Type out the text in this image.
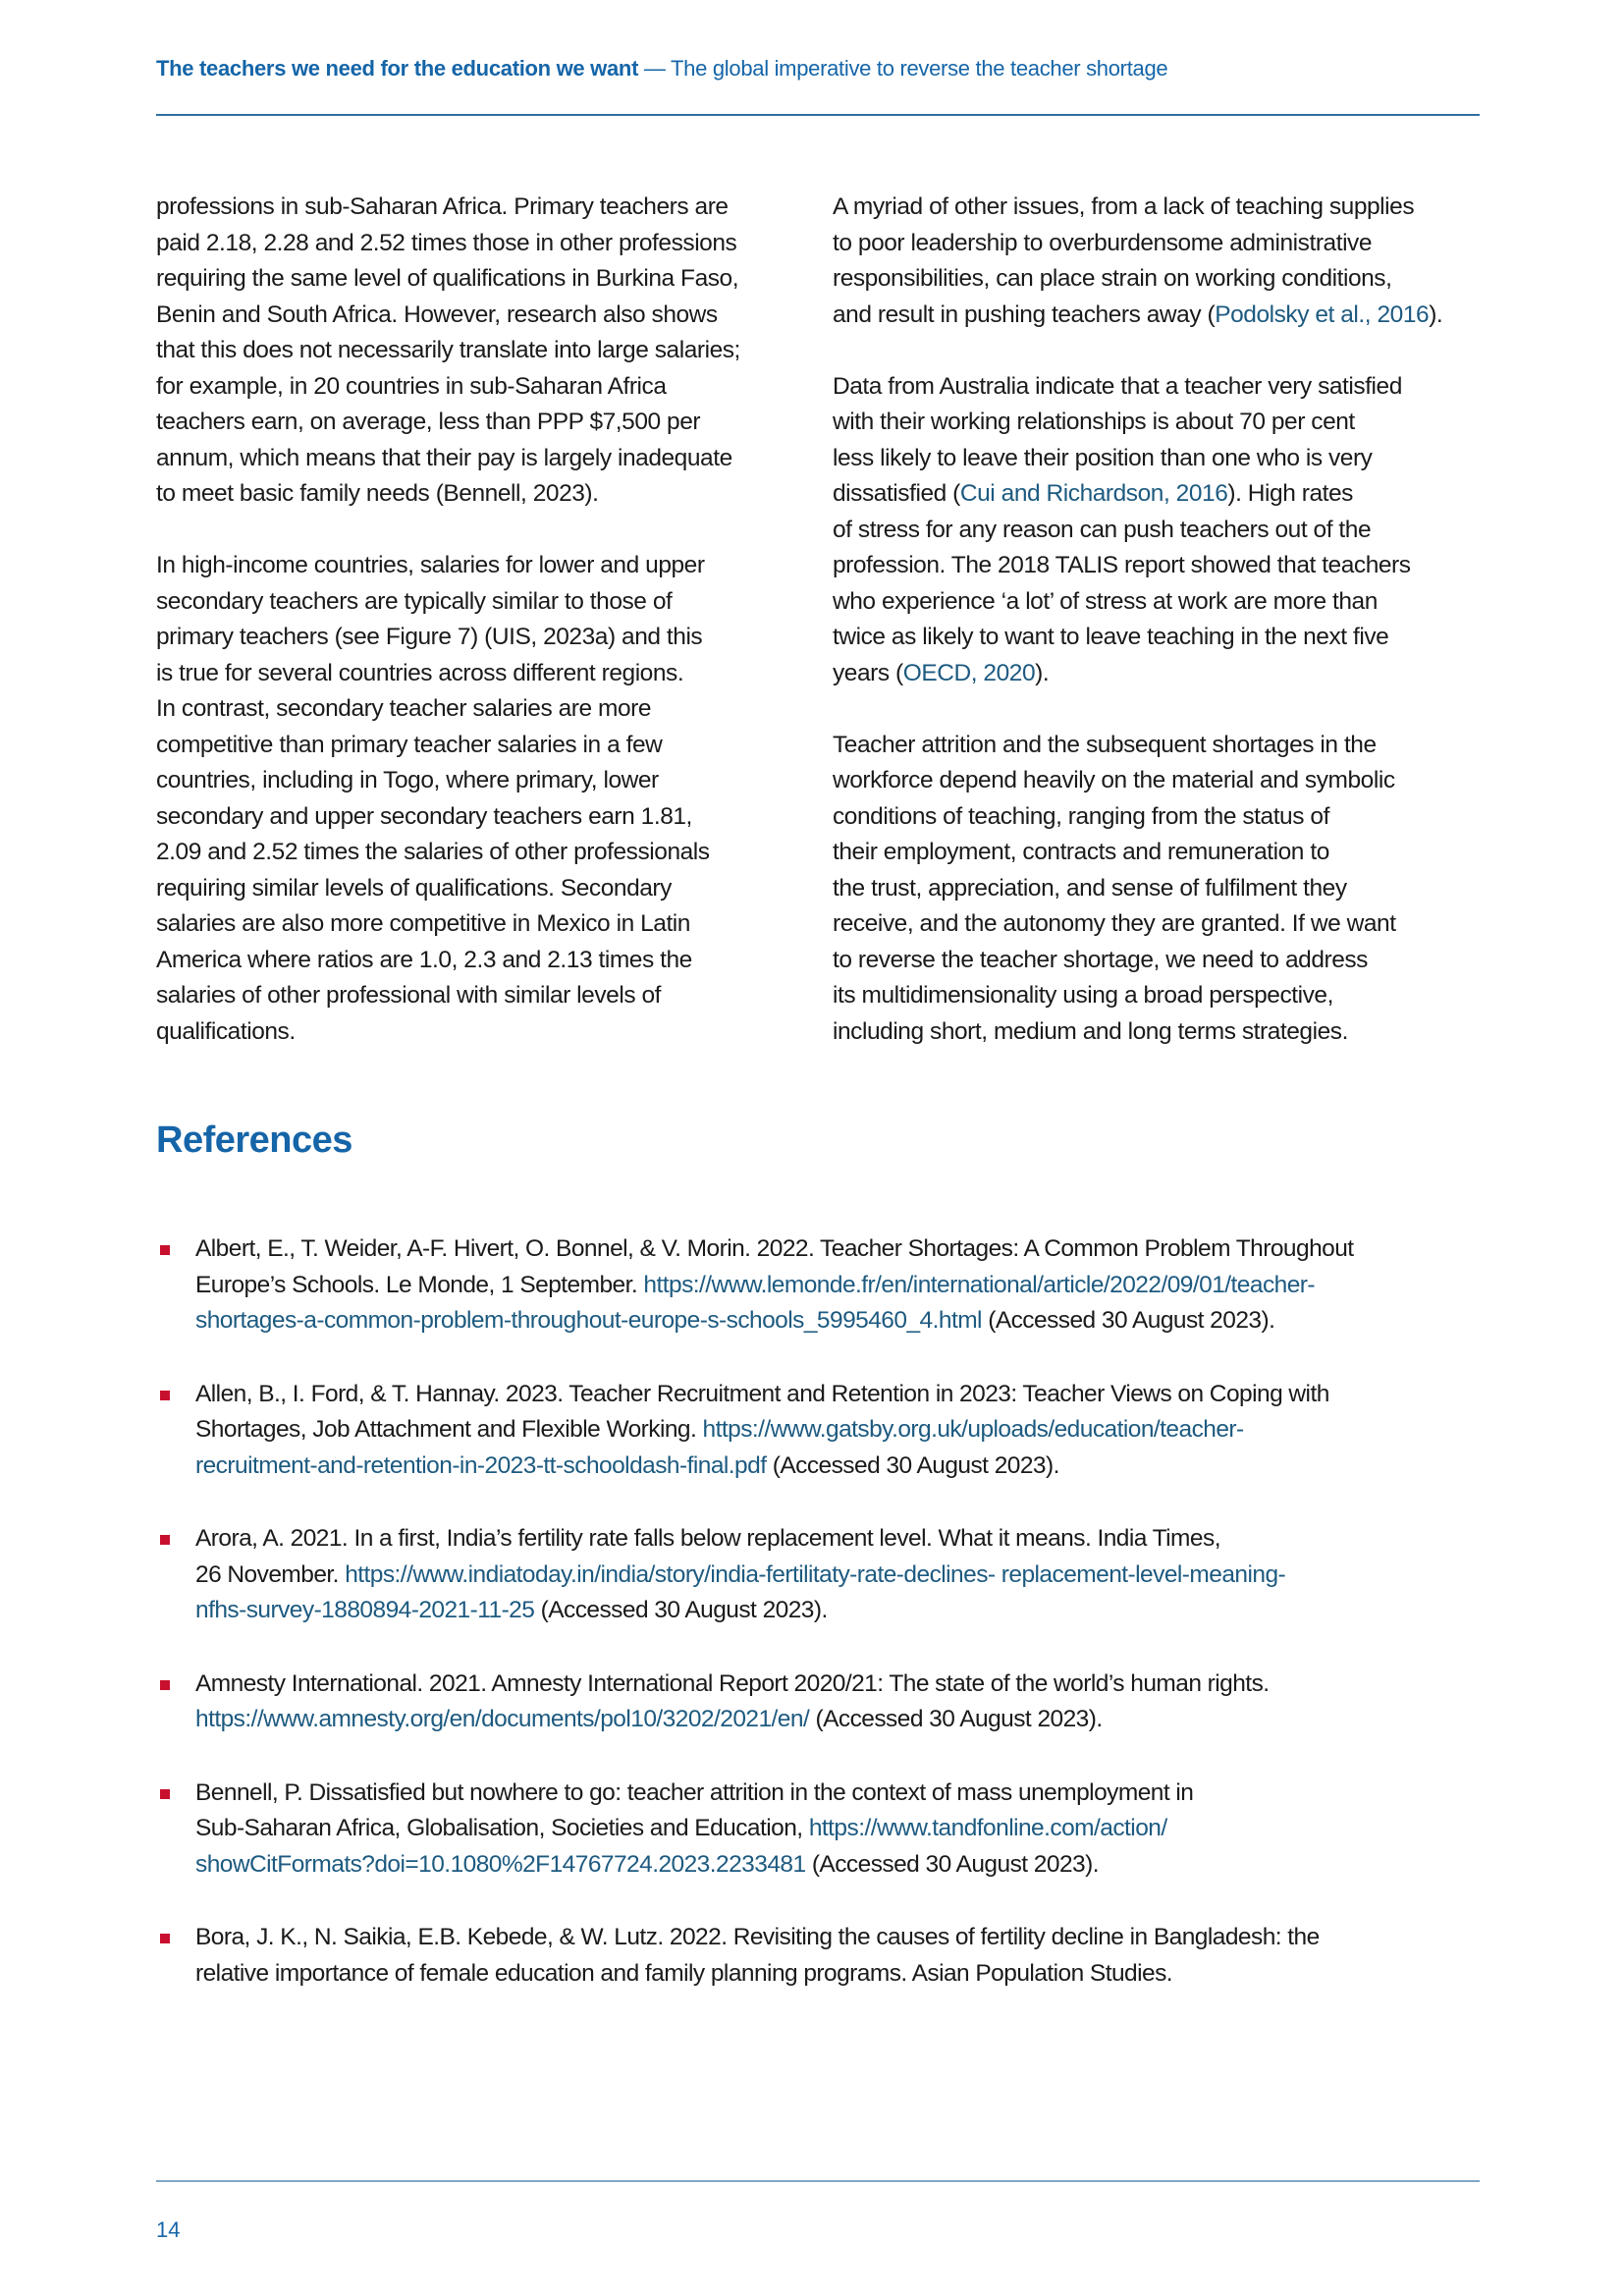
The teachers we need for the education we want — The global imperative to reverse the teacher shortage

professions in sub-Saharan Africa. Primary teachers are
paid 2.18, 2.28 and 2.52 times those in other professions
requiring the same level of qualifications in Burkina Faso,
Benin and South Africa. However, research also shows
that this does not necessarily translate into large salaries;
for example, in 20 countries in sub-Saharan Africa
teachers earn, on average, less than PPP $7,500 per
annum, which means that their pay is largely inadequate
to meet basic family needs (Bennell, 2023).

In high-income countries, salaries for lower and upper
secondary teachers are typically similar to those of
primary teachers (see Figure 7) (UIS, 2023a) and this
is true for several countries across different regions.
In contrast, secondary teacher salaries are more
competitive than primary teacher salaries in a few
countries, including in Togo, where primary, lower
secondary and upper secondary teachers earn 1.81,
2.09 and 2.52 times the salaries of other professionals
requiring similar levels of qualifications. Secondary
salaries are also more competitive in Mexico in Latin
America where ratios are 1.0, 2.3 and 2.13 times the
salaries of other professional with similar levels of
qualifications.

A myriad of other issues, from a lack of teaching supplies
to poor leadership to overburdensome administrative
responsibilities, can place strain on working conditions,
and result in pushing teachers away (Podolsky et al., 2016).

Data from Australia indicate that a teacher very satisfied
with their working relationships is about 70 per cent
less likely to leave their position than one who is very
dissatisfied (Cui and Richardson, 2016). High rates
of stress for any reason can push teachers out of the
profession. The 2018 TALIS report showed that teachers
who experience ‘a lot’ of stress at work are more than
twice as likely to want to leave teaching in the next five
years (OECD, 2020).

Teacher attrition and the subsequent shortages in the
workforce depend heavily on the material and symbolic
conditions of teaching, ranging from the status of
their employment, contracts and remuneration to
the trust, appreciation, and sense of fulfilment they
receive, and the autonomy they are granted. If we want
to reverse the teacher shortage, we need to address
its multidimensionality using a broad perspective,
including short, medium and long terms strategies.

References
Albert, E., T. Weider, A-F. Hivert, O. Bonnel, & V. Morin. 2022. Teacher Shortages: A Common Problem Throughout
Europe’s Schools. Le Monde, 1 September. https://www.lemonde.fr/en/international/article/2022/09/01/teacher-
shortages-a-common-problem-throughout-europe-s-schools_5995460_4.html (Accessed 30 August 2023).
Allen, B., I. Ford, & T. Hannay. 2023. Teacher Recruitment and Retention in 2023: Teacher Views on Coping with
Shortages, Job Attachment and Flexible Working. https://www.gatsby.org.uk/uploads/education/teacher-
recruitment-and-retention-in-2023-tt-schooldash-final.pdf (Accessed 30 August 2023).
Arora, A. 2021. In a first, India’s fertility rate falls below replacement level. What it means. India Times,
26 November. https://www.indiatoday.in/india/story/india-fertilitaty-rate-declines- replacement-level-meaning-
nfhs-survey-1880894-2021-11-25 (Accessed 30 August 2023).
Amnesty International. 2021. Amnesty International Report 2020/21: The state of the world’s human rights.
https://www.amnesty.org/en/documents/pol10/3202/2021/en/ (Accessed 30 August 2023).
Bennell, P. Dissatisfied but nowhere to go: teacher attrition in the context of mass unemployment in
Sub-Saharan Africa, Globalisation, Societies and Education, https://www.tandfonline.com/action/
showCitFormats?doi=10.1080%2F14767724.2023.2233481 (Accessed 30 August 2023).
Bora, J. K., N. Saikia, E.B. Kebede, & W. Lutz. 2022. Revisiting the causes of fertility decline in Bangladesh: the
relative importance of female education and family planning programs. Asian Population Studies.
14
